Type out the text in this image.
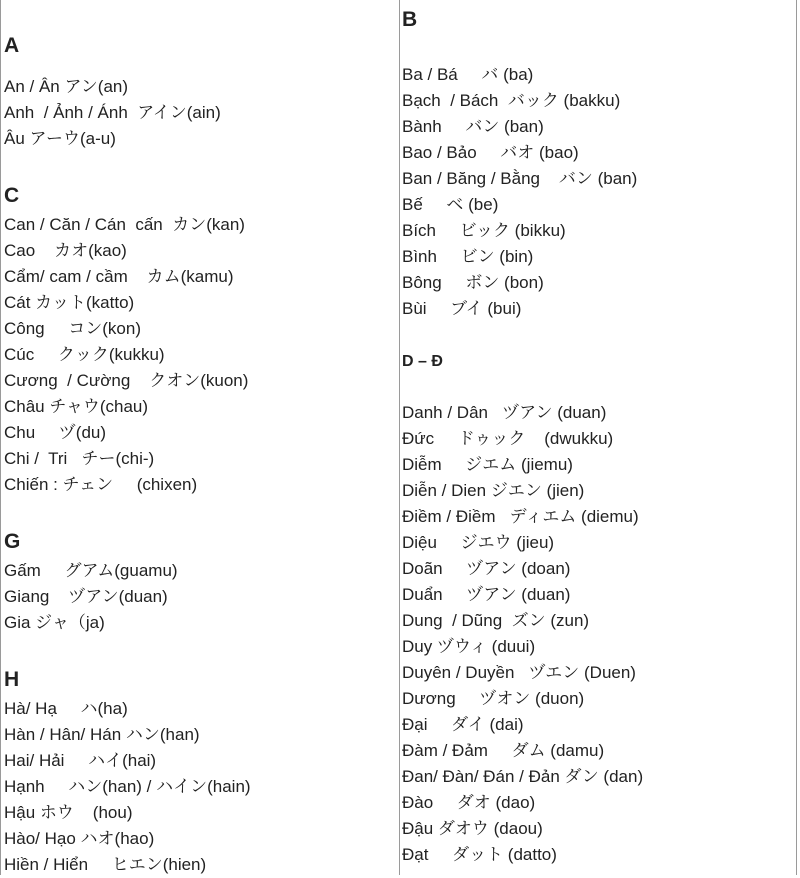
A
An / Ân アン(an)
Anh  / Ảnh / Ánh  アイン(ain)
Âu アーウ(a-u)
C
Can / Căn / Cán  cấn  カン(kan)
Cao    カオ(kao)
Cẩm/ cam / cầm    カム(kamu)
Cát カット(katto)
Công     コン(kon)
Cúc     クック(kukku)
Cương  / Cường    クオン(kuon)
Châu チャウ(chau)
Chu     ヅ(du)
Chi /  Tri   チー(chi-)
Chiến : チェン     (chixen)
G
Gấm     グアム(guamu)
Giang    ヅアン(duan)
Gia ジャ（ja)
H
Hà/ Hạ     ハ(ha)
Hàn / Hân/ Hán ハン(han)
Hai/ Hải     ハイ(hai)
Hạnh     ハン(han) / ハイン(hain)
Hậu ホウ    (hou)
Hào/ Hạo ハオ(hao)
Hiền / Hiển     ヒエン(hien)
B
Ba / Bá     バ (ba)
Bạch  / Bách  バック (bakku)
Bành     バン (ban)
Bao / Bảo     バオ (bao)
Ban / Băng / Bằng    バン (ban)
Bế     ベ (be)
Bích     ビック (bikku)
Bình     ビン (bin)
Bông     ボン (bon)
Bùi     ブイ (bui)
D – Đ
Danh / Dân   ヅアン (duan)
Đức     ドゥック    (dwukku)
Diễm     ジエム (jiemu)
Diễn / Dien ジエン (jien)
Điềm / Điềm   ディエム (diemu)
Diệu     ジエウ (jieu)
Doãn     ヅアン (doan)
Duẩn     ヅアン (duan)
Dung  / Dũng  ズン (zun)
Duy ヅウィ (duui)
Duyên / Duyền   ヅエン (Duen)
Dương     ヅオン (duon)
Đại     ダイ (dai)
Đàm / Đảm     ダム (damu)
Đan/ Đàn/ Đán / Đản ダン (dan)
Đào     ダオ (dao)
Đậu ダオウ (daou)
Đạt     ダット (datto)
